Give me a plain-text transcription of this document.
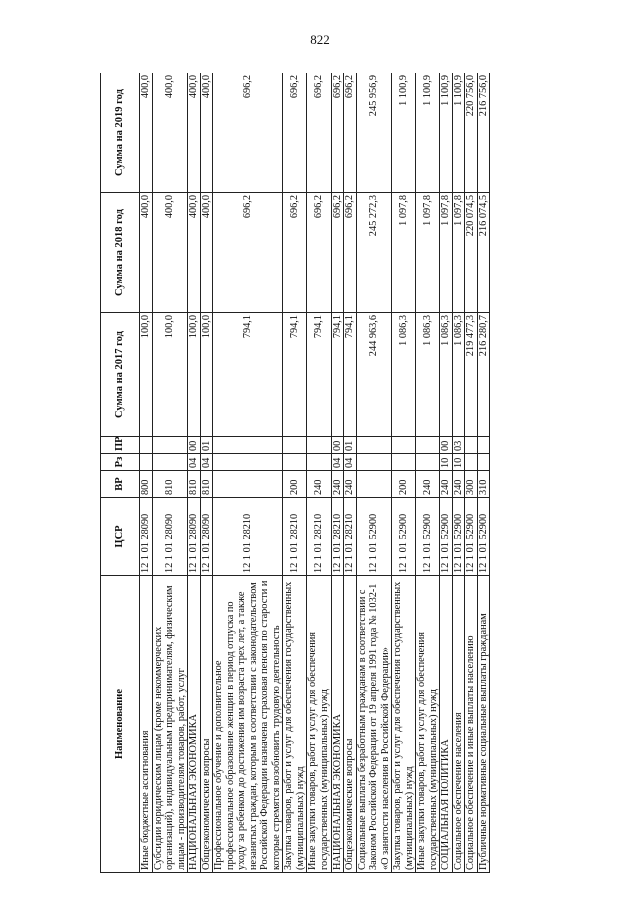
822
Наименование	ЦСР	ВР	Рз	ПР	Сумма на 2017 год	Сумма на 2018 год	Сумма на 2019 год
Иные бюджетные ассигнования	12 1 01 28090	800			100,0	400,0	400,0
Субсидии юридическим лицам (кроме некоммерческих организаций), индивидуальным предпринимателям, физическим лицам - производителям товаров, работ, услуг	12 1 01 28090	810			100,0	400,0	400,0
НАЦИОНАЛЬНАЯ ЭКОНОМИКА	12 1 01 28090	810	04	00	100,0	400,0	400,0
Общеэкономические вопросы	12 1 01 28090	810	04	01	100,0	400,0	400,0
Профессиональное обучение и дополнительное профессиональное образование женщин в период отпуска по уходу за ребенком до достижения им возраста трех лет, а также незанятых граждан, которым в соответствии с законодательством Российской Федерации назначена страховая пенсия по старости и которые стремятся возобновить трудовую деятельность	12 1 01 28210				794,1	696,2	696,2
Закупка товаров, работ и услуг для обеспечения государственных (муниципальных) нужд	12 1 01 28210	200			794,1	696,2	696,2
Иные закупки товаров, работ и услуг для обеспечения государственных (муниципальных) нужд	12 1 01 28210	240			794,1	696,2	696,2
НАЦИОНАЛЬНАЯ ЭКОНОМИКА	12 1 01 28210	240	04	00	794,1	696,2	696,2
Общеэкономические вопросы	12 1 01 28210	240	04	01	794,1	696,2	696,2
Социальные выплаты безработным гражданам в соответствии с Законом Российской Федерации от 19 апреля 1991 года № 1032-1 «О занятости населения в Российской Федерации»	12 1 01 52900				244 963,6	245 272,3	245 956,9
Закупка товаров, работ и услуг для обеспечения государственных (муниципальных) нужд	12 1 01 52900	200			1 086,3	1 097,8	1 100,9
Иные закупки товаров, работ и услуг для обеспечения государственных (муниципальных) нужд	12 1 01 52900	240			1 086,3	1 097,8	1 100,9
СОЦИАЛЬНАЯ ПОЛИТИКА	12 1 01 52900	240	10	00	1 086,3	1 097,8	1 100,9
Социальное обеспечение населения	12 1 01 52900	240	10	03	1 086,3	1 097,8	1 100,9
Социальное обеспечение и иные выплаты населению	12 1 01 52900	300			219 477,3	220 074,5	220 756,0
Публичные нормативные социальные выплаты гражданам	12 1 01 52900	310			216 280,7	216 074,5	216 756,0
